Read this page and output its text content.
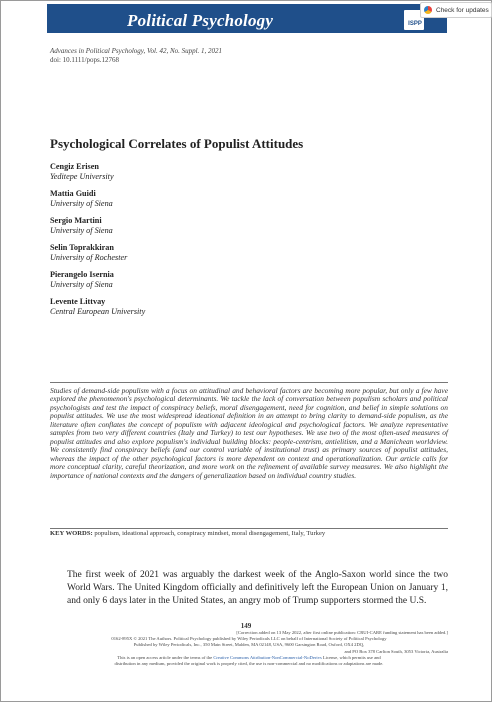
Political Psychology	ISPP
Check for updates
Advances in Political Psychology, Vol. 42, No. Suppl. 1, 2021
doi: 10.1111/pops.12768
Psychological Correlates of Populist Attitudes
Cengiz Erisen
Yeditepe University
Mattia Guidi
University of Siena
Sergio Martini
University of Siena
Selin Toprakkiran
University of Rochester
Pierangelo Isernia
University of Siena
Levente Littvay
Central European University

Studies of demand-side populism with a focus on attitudinal and behavioral factors are becoming more popular, but only a few have explored the phenomenon's psychological determinants. We tackle the lack of conversation between populism scholars and political psychologists and test the impact of conspiracy beliefs, moral disengagement, need for cognition, and belief in simple solutions on populist attitudes. We use the most widespread ideational definition in an attempt to bring clarity to demand-side populism, as the literature often conflates the concept of populism with adjacent ideological and psychological factors. We analyze representative samples from two very different countries (Italy and Turkey) to test our hypotheses. We use two of the most often-used measures of populist attitudes and also explore populism's individual building blocks: people-centrism, antielitism, and a Manichean worldview. We consistently find conspiracy beliefs (and our control variable of institutional trust) as primary sources of populist attitudes, whereas the impact of the other psychological factors is more dependent on context and operationalization. Our article calls for more conceptual clarity, careful theorization, and more work on the refinement of available survey measures. We also highlight the importance of national contexts and the dangers of generalization based on individual country studies.

KEY WORDS: populism, ideational approach, conspiracy mindset, moral disengagement, Italy, Turkey

The first week of 2021 was arguably the darkest week of the Anglo-Saxon world since the two World Wars. The United Kingdom officially and definitively left the European Union on January 1, and only 6 days later in the United States, an angry mob of Trump supporters stormed the U.S.

149
[Correction added on 13 May 2022, after first online publication: CRUI-CARE funding statement has been added.]
0162-895X © 2021 The Authors. Political Psychology published by Wiley Periodicals LLC on behalf of International Society of Political Psychology
Published by Wiley Periodicals, Inc., 350 Main Street, Malden, MA 02148, USA, 9600 Garsington Road, Oxford, OX4 2DQ,
and PO Box 378 Carlton South, 3053 Victoria, Australia
This is an open access article under the terms of the Creative Commons Attribution-NonCommercial-NoDerivs License, which permits use and
distribution in any medium, provided the original work is properly cited, the use is non-commercial and no modifications or adaptations are made.
